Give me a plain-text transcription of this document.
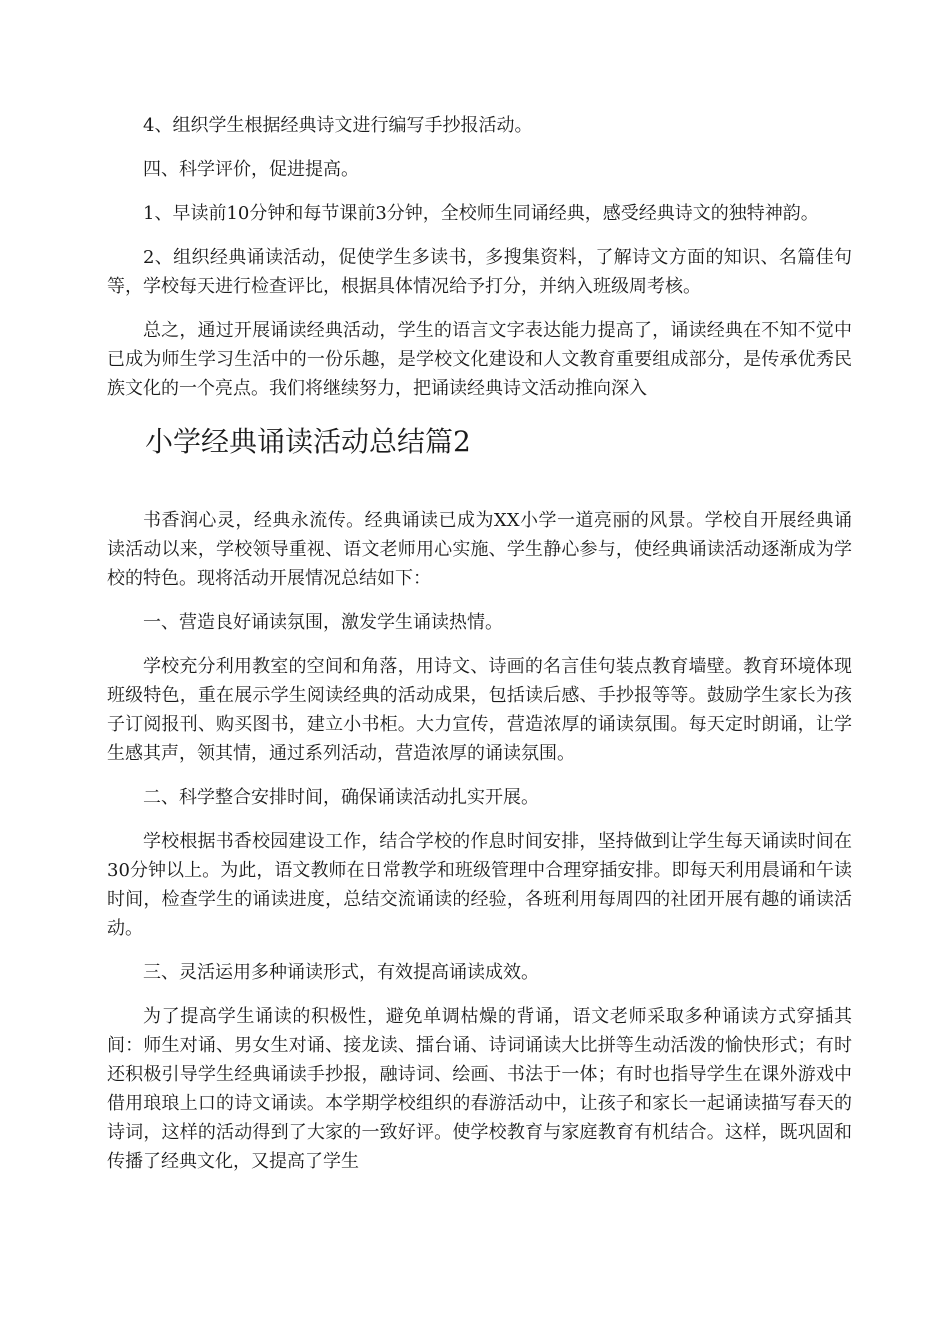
4、组织学生根据经典诗文进行编写手抄报活动。

四、科学评价，促进提高。

1、早读前10分钟和每节课前3分钟，全校师生同诵经典，感受经典诗文的独特神韵。

2、组织经典诵读活动，促使学生多读书，多搜集资料，了解诗文方面的知识、名篇佳句等，学校每天进行检查评比，根据具体情况给予打分，并纳入班级周考核。

总之，通过开展诵读经典活动，学生的语言文字表达能力提高了，诵读经典在不知不觉中已成为师生学习生活中的一份乐趣，是学校文化建设和人文教育重要组成部分，是传承优秀民族文化的一个亮点。我们将继续努力，把诵读经典诗文活动推向深入

小学经典诵读活动总结篇2

书香润心灵，经典永流传。经典诵读已成为XX小学一道亮丽的风景。学校自开展经典诵读活动以来，学校领导重视、语文老师用心实施、学生静心参与，使经典诵读活动逐渐成为学校的特色。现将活动开展情况总结如下：

一、营造良好诵读氛围，激发学生诵读热情。

学校充分利用教室的空间和角落，用诗文、诗画的名言佳句装点教育墙壁。教育环境体现班级特色，重在展示学生阅读经典的活动成果，包括读后感、手抄报等等。鼓励学生家长为孩子订阅报刊、购买图书，建立小书柜。大力宣传，营造浓厚的诵读氛围。每天定时朗诵，让学生感其声，领其情，通过系列活动，营造浓厚的诵读氛围。

二、科学整合安排时间，确保诵读活动扎实开展。

学校根据书香校园建设工作，结合学校的作息时间安排，坚持做到让学生每天诵读时间在30分钟以上。为此，语文教师在日常教学和班级管理中合理穿插安排。即每天利用晨诵和午读时间，检查学生的诵读进度，总结交流诵读的经验，各班利用每周四的社团开展有趣的诵读活动。

三、灵活运用多种诵读形式，有效提高诵读成效。

为了提高学生诵读的积极性，避免单调枯燥的背诵，语文老师采取多种诵读方式穿插其间：师生对诵、男女生对诵、接龙读、擂台诵、诗词诵读大比拼等生动活泼的愉快形式；有时还积极引导学生经典诵读手抄报，融诗词、绘画、书法于一体；有时也指导学生在课外游戏中借用琅琅上口的诗文诵读。本学期学校组织的春游活动中，让孩子和家长一起诵读描写春天的诗词，这样的活动得到了大家的一致好评。使学校教育与家庭教育有机结合。这样，既巩固和传播了经典文化，又提高了学生
